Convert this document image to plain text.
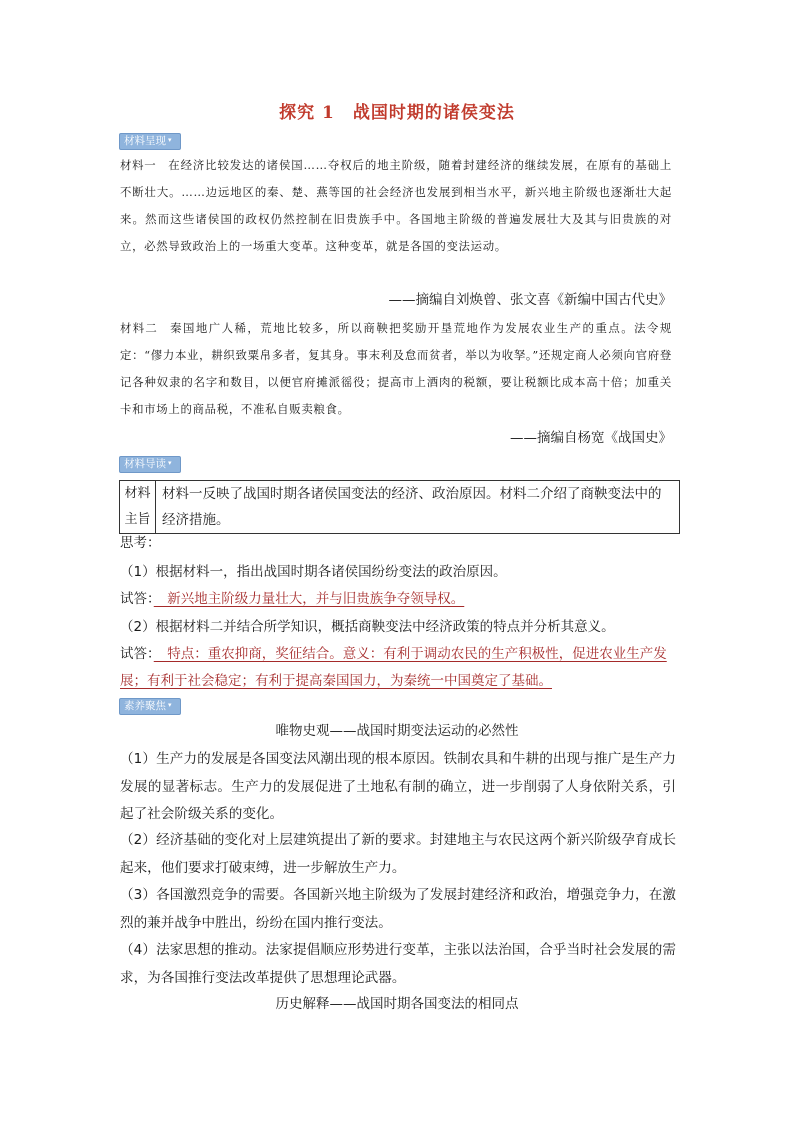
探究 1　战国时期的诸侯变法
材料呈现 ▾
材料一 在经济比较发达的诸侯国……夺权后的地主阶级，随着封建经济的继续发展，在原有的基础上不断壮大。……边远地区的秦、楚、燕等国的社会经济也发展到相当水平，新兴地主阶级也逐渐壮大起来。然而这些诸侯国的政权仍然控制在旧贵族手中。各国地主阶级的普遍发展壮大及其与旧贵族的对立，必然导致政治上的一场重大变革。这种变革，就是各国的变法运动。
——摘编自刘焕曾、张文喜《新编中国古代史》
材料二 秦国地广人稀，荒地比较多，所以商鞅把奖励开垦荒地作为发展农业生产的重点。法令规定：“僇力本业，耕织致粟帛多者，复其身。事末利及怠而贫者，举以为收孥。”还规定商人必须向官府登记各种奴隶的名字和数目，以便官府摊派徭役；提高市上酒肉的税额，要让税额比成本高十倍；加重关卡和市场上的商品税，不准私自贩卖粮食。
——摘编自杨宽《战国史》
材料导读 ▾
材料主旨
材料一反映了战国时期各诸侯国变法的经济、政治原因。材料二介绍了商鞅变法中的经济措施。
思考：
（1）根据材料一，指出战国时期各诸侯国纷纷变法的政治原因。
试答：　新兴地主阶级力量壮大，并与旧贵族争夺领导权。
（2）根据材料二并结合所学知识，概括商鞅变法中经济政策的特点并分析其意义。
试答：　特点：重农抑商，奖征结合。意义：有利于调动农民的生产积极性，促进农业生产发展；有利于社会稳定；有利于提高秦国国力，为秦统一中国奠定了基础。
素养聚焦 ▾
唯物史观——战国时期变法运动的必然性
（1）生产力的发展是各国变法风潮出现的根本原因。铁制农具和牛耕的出现与推广是生产力发展的显著标志。生产力的发展促进了土地私有制的确立，进一步削弱了人身依附关系，引起了社会阶级关系的变化。
（2）经济基础的变化对上层建筑提出了新的要求。封建地主与农民这两个新兴阶级孕育成长起来，他们要求打破束缚，进一步解放生产力。
（3）各国激烈竞争的需要。各国新兴地主阶级为了发展封建经济和政治，增强竞争力，在激烈的兼并战争中胜出，纷纷在国内推行变法。
（4）法家思想的推动。法家提倡顺应形势进行变革，主张以法治国，合乎当时社会发展的需求，为各国推行变法改革提供了思想理论武器。
历史解释——战国时期各国变法的相同点
